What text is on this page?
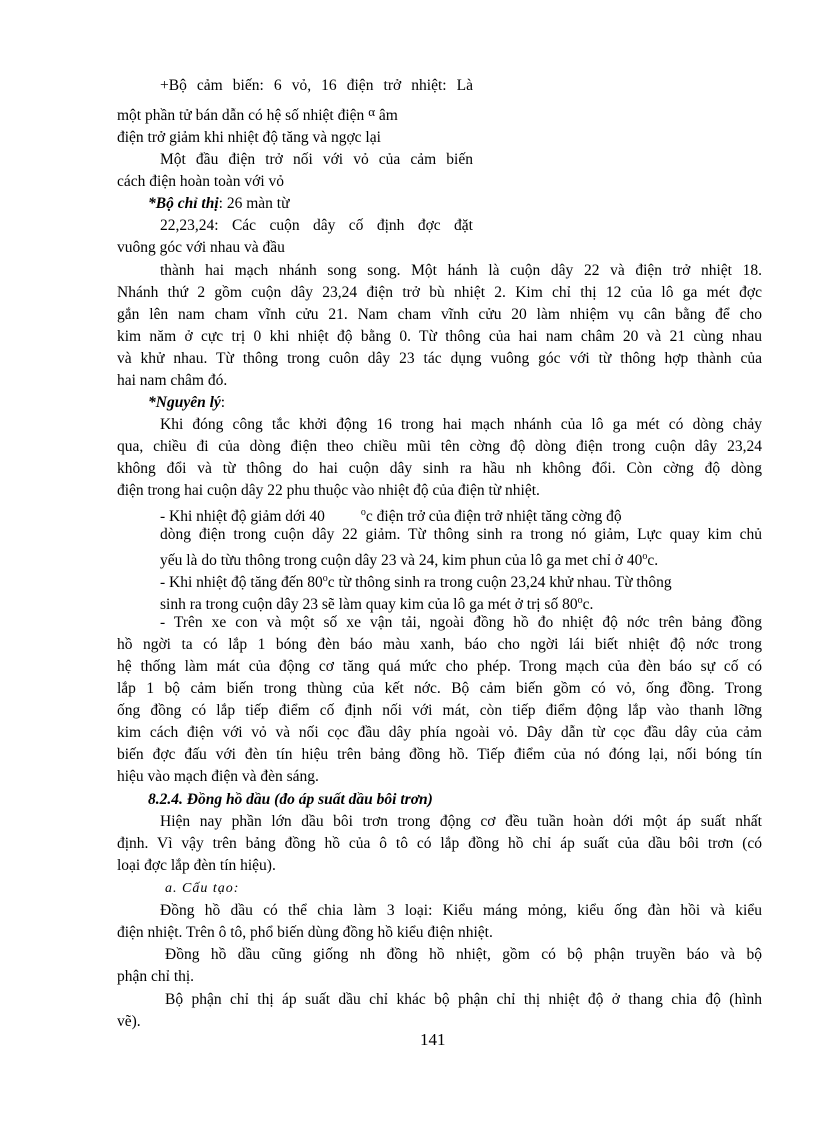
+Bộ cảm biến: 6 vỏ, 16 điện trở nhiệt: Là
một phần tử bán dẫn có hệ số nhiệt điện $^\alpha$ âm
điện trở giảm khi nhiệt độ tăng và ngợc lại
Một đầu điện trở nối với vỏ của cảm biến
cách điện hoàn toàn với vỏ
*Bộ chỉ thị: 26 màn từ
22,23,24: Các cuộn dây cố định đợc đặt
vuông góc với nhau và đầu
thành hai mạch nhánh song song. Một hánh là cuộn dây 22 và điện trở nhiệt 18.
Nhánh thứ 2 gồm cuộn dây 23,24 điện trở bù nhiệt 2. Kim chỉ thị 12 của lô ga mét đợc
gắn lên nam cham vĩnh cửu 21. Nam cham vĩnh cửu 20 làm nhiệm vụ cân bằng để cho
kim năm ở cực trị 0 khi nhiệt độ bằng 0. Từ thông của hai nam châm 20 và 21 cùng nhau
và khử nhau. Từ thông trong cuôn dây 23 tác dụng vuông góc với từ thông hợp thành của
hai nam châm đó.
*Nguyên lý:
Khi đóng công tắc khởi động 16 trong hai mạch nhánh của lô ga mét có dòng chảy
qua, chiều đi của dòng điện theo chiều mũi tên cờng độ dòng điện trong cuộn dây 23,24
không đổi và từ thông do hai cuộn dây sinh ra hầu nh không đổi. Còn cờng độ dòng
điện trong hai cuộn dây 22 phu thuộc vào nhiệt độ của điện từ nhiệt.
- Khi nhiệt độ giảm dới 40	$^o$c điện trở của điện trở nhiệt tăng cờng độ
dòng điện trong cuộn dây 22 giảm. Từ thông sinh ra trong nó giảm, Lực quay kim chủ
yếu là do từu thông trong cuộn dây 23 và 24, kim phun của lô ga met chỉ ở 40$^o$c.
- Khi nhiệt độ tăng đến 80$^o$c từ thông sinh ra trong cuộn 23,24 khử nhau. Từ thông
sinh ra trong cuộn dây 23 sẽ làm quay kim của lô ga mét ở trị số 80$^o$c.
- Trên xe con và một số xe vận tải, ngoài đồng hồ đo nhiệt độ nớc trên bảng đồng
hồ ngời ta có lắp 1 bóng đèn báo màu xanh, báo cho ngời lái biết nhiệt độ nớc trong
hệ thống làm mát của động cơ tăng quá mức cho phép. Trong mạch của đèn báo sự cố có
lắp 1 bộ cảm biến trong thùng của kết nớc. Bộ cảm biến gồm có vỏ, ống đồng. Trong
ống đồng có lắp tiếp điểm cố định nối với mát, còn tiếp điểm động lắp vào thanh lỡng
kim cách điện với vỏ và nối cọc đầu dây phía ngoài vỏ. Dây dẫn từ cọc đầu dây của cảm
biến đợc đấu với đèn tín hiệu trên bảng đồng hồ. Tiếp điểm của nó đóng lại, nối bóng tín
hiệu vào mạch điện và đèn sáng.
8.2.4. Đồng hồ dầu (đo áp suất dầu bôi trơn)
Hiện nay phần lớn dầu bôi trơn trong động cơ đều tuần hoàn dới một áp suất nhất
định. Vì vậy trên bảng đồng hồ của ô tô có lắp đồng hồ chỉ áp suất của dầu bôi trơn (có
loại đợc lắp đèn tín hiệu).
a. Cấu tạo:
Đồng hồ dầu có thể chia làm 3 loại: Kiểu máng mỏng, kiểu ống đàn hồi và kiểu
điện nhiệt. Trên ô tô, phổ biến dùng đồng hồ kiểu điện nhiệt.
Đồng hồ dầu cũng giống nh đồng hồ nhiệt, gồm có bộ phận truyền báo và bộ
phận chỉ thị.
Bộ phận chỉ thị áp suất dầu chỉ khác bộ phận chỉ thị nhiệt độ ở thang chia độ (hình
vẽ).
141
